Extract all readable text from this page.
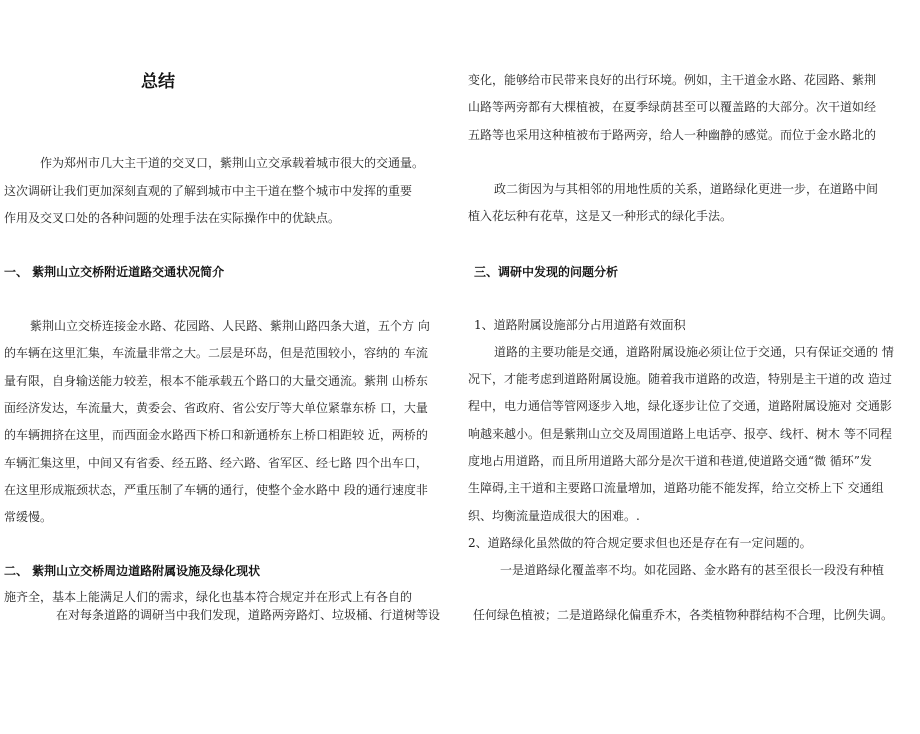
总结
作为郑州市几大主干道的交叉口，紫荆山立交承载着城市很大的交通量。
这次调研让我们更加深刻直观的了解到城市中主干道在整个城市中发挥的重要
作用及交叉口处的各种问题的处理手法在实际操作中的优缺点。
一、 紫荆山立交桥附近道路交通状况简介
紫荆山立交桥连接金水路、花园路、人民路、紫荆山路四条大道，五个方 向
的车辆在这里汇集，车流量非常之大。二层是环岛，但是范围较小，容纳的 车流
量有限，自身输送能力较差，根本不能承载五个路口的大量交通流。紫荆 山桥东
面经济发达，车流量大，黄委会、省政府、省公安厅等大单位紧靠东桥 口，大量
的车辆拥挤在这里，而西面金水路西下桥口和新通桥东上桥口相距较 近，两桥的
车辆汇集这里，中间又有省委、经五路、经六路、省军区、经七路 四个出车口，
在这里形成瓶颈状态，严重压制了车辆的通行，使整个金水路中 段的通行速度非
常缓慢。
二、 紫荆山立交桥周边道路附属设施及绿化现状
施齐全，基本上能满足人们的需求，绿化也基本符合规定并在形式上有各自的
在对每条道路的调研当中我们发现，道路两旁路灯、垃圾桶、行道树等设
变化，能够给市民带来良好的出行环境。例如，主干道金水路、花园路、紫荆
山路等两旁都有大棵植被，在夏季绿荫甚至可以覆盖路的大部分。次干道如经
五路等也采用这种植被布于路两旁，给人一种幽静的感觉。而位于金水路北的
政二街因为与其相邻的用地性质的关系，道路绿化更进一步，在道路中间
植入花坛种有花草，这是又一种形式的绿化手法。
三、调研中发现的问题分析
1、道路附属设施部分占用道路有效面积
道路的主要功能是交通，道路附属设施必须让位于交通，只有保证交通的 情
况下，才能考虑到道路附属设施。随着我市道路的改造，特别是主干道的改 造过
程中，电力通信等管网逐步入地，绿化逐步让位了交通，道路附属设施对 交通影
响越来越小。但是紫荆山立交及周围道路上电话亭、报亭、线杆、树木 等不同程
度地占用道路，而且所用道路大部分是次干道和巷道,使道路交通“微 循环”发
生障碍,主干道和主要路口流量增加，道路功能不能发挥，给立交桥上下 交通组
织、均衡流量造成很大的困难。.
2、道路绿化虽然做的符合规定要求但也还是存在有一定问题的。
一是道路绿化覆盖率不均。如花园路、金水路有的甚至很长一段没有种植
任何绿色植被；二是道路绿化偏重乔木，各类植物种群结构不合理，比例失调。
